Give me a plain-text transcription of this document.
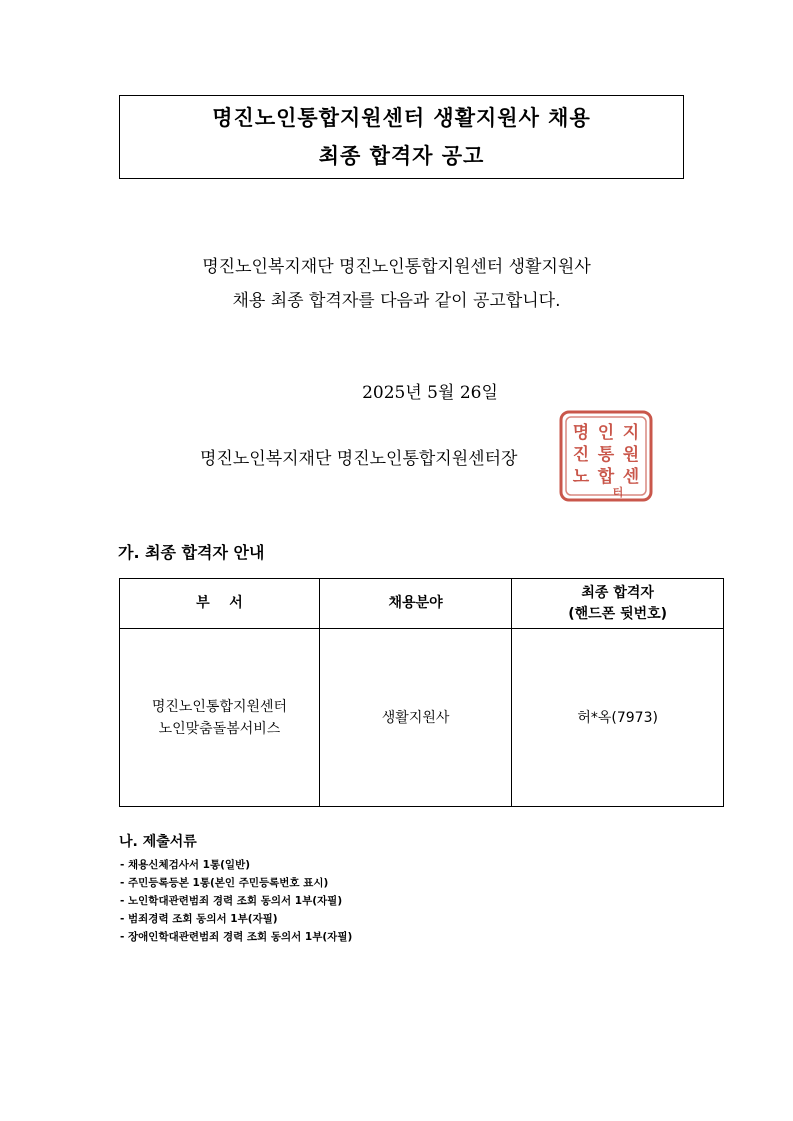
명진노인통합지원센터 생활지원사 채용
최종 합격자 공고
명진노인복지재단 명진노인통합지원센터 생활지원사
채용 최종 합격자를 다음과 같이 공고합니다.
2025년 5월 26일
명진노인복지재단 명진노인통합지원센터장
명
진
노
인
통
합
지
원
센
터
가. 최종 합격자 안내
부    서	채용분야	최종 합격자
(핸드폰 뒷번호)

명진노인통합지원센터
노인맞춤돌봄서비스	생활지원사	허*옥(7973)
나. 제출서류
- 채용신체검사서 1통(일반)
- 주민등록등본 1통(본인 주민등록번호 표시)
- 노인학대관련범죄 경력 조회 동의서 1부(자필)
- 범죄경력 조회 동의서 1부(자필)
- 장애인학대관련범죄 경력 조회 동의서 1부(자필)
